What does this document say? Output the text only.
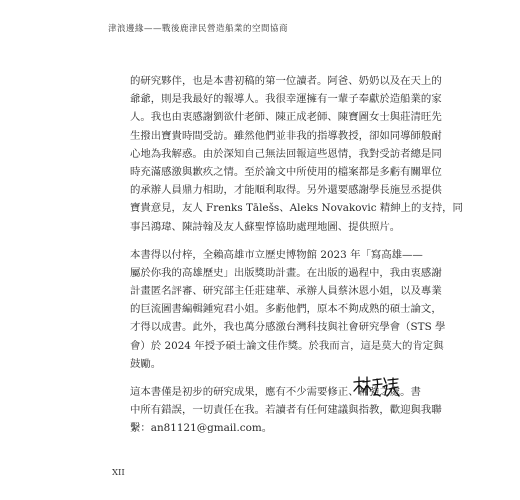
津浪邊緣——戰後鹿津民營造船業的空間協商
的研究夥伴，也是本書初稿的第一位讀者。阿爸、奶奶以及在天上的
爺爺，則是我最好的報導人。我很幸運擁有一輩子奉獻於造船業的家
人。我也由衷感謝劉欲什老師、陳正成老師、陳寶圖女士與莊清旺先
生撥出寶貴時間受訪。雖然他們並非我的指導教授，卻如同導師般耐
心地為我解惑。由於深知自己無法回報這些恩情，我對受訪者總是同
時充滿感激與歉疚之情。至於論文中所使用的檔案都是多虧有關單位
的承辦人員鼎力相助，才能順利取得。另外還要感謝學長施昱丞提供
寶貴意見，友人 Frenks Tālešs、Aleks Novakovic 精紳上的支持，同
事呂鴻瑋、陳詩翰及友人蘇聖惇協助處理地圖、提供照片。
本書得以付梓，全賴高雄市立歷史博物館 2023 年「寫高雄——
屬於你我的高雄歷史」出版獎助計畫。在出版的過程中，我由衷感謝
計畫匿名評審、研究部主任莊建華、承辦人員蔡沐恩小姐，以及專業
的巨流圖書編輯鍾宛君小姐。多虧他們，原本不夠成熟的碩士論文，
才得以成書。此外，我也萬分感激台灣科技與社會研究學會（STS 學
會）於 2024 年授予碩士論文佳作獎。於我而言，這是莫大的肯定與
鼓勵。
這本書僅是初步的研究成果，應有不少需要修正、補強之處。書
中所有錯誤，一切責任在我。若讀者有任何建議與指教，歡迎與我聯
繫：an81121@gmail.com。
XII
